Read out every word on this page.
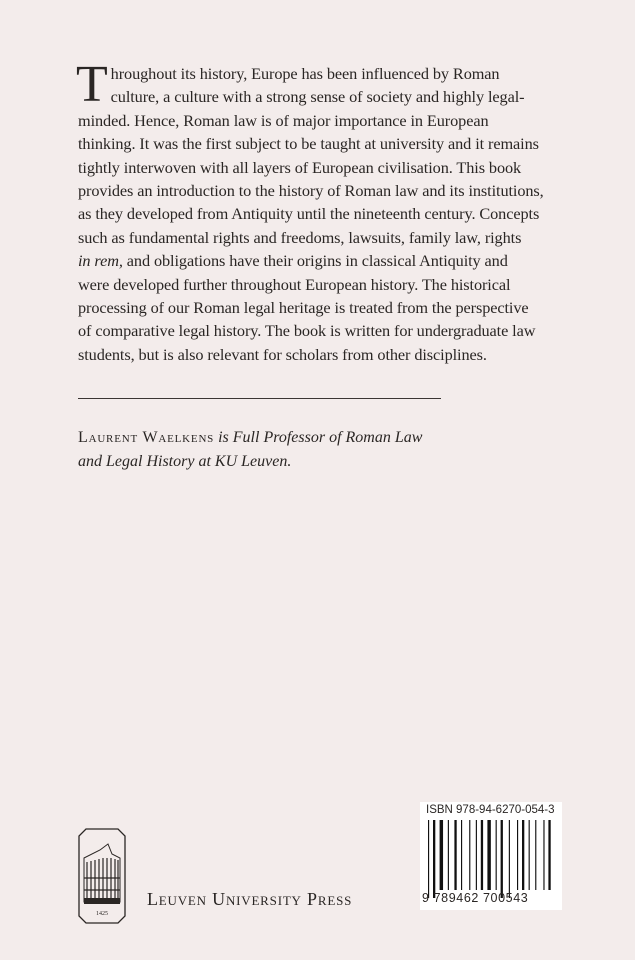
T hroughout its history, Europe has been influenced by Roman
culture, a culture with a strong sense of society and highly legal-
minded. Hence, Roman law is of major importance in European
thinking. It was the first subject to be taught at university and it remains
tightly interwoven with all layers of European civilisation. This book
provides an introduction to the history of Roman law and its institutions,
as they developed from Antiquity until the nineteenth century. Concepts
such as fundamental rights and freedoms, lawsuits, family law, rights
in rem, and obligations have their origins in classical Antiquity and
were developed further throughout European history. The historical
processing of our Roman legal heritage is treated from the perspective
of comparative legal history. The book is written for undergraduate law
students, but is also relevant for scholars from other disciplines.
Laurent Waelkens is Full Professor of Roman Law
and Legal History at KU Leuven.
1425
Leuven University Press
ISBN 978-94-6270-054-3
9 789462 700543
